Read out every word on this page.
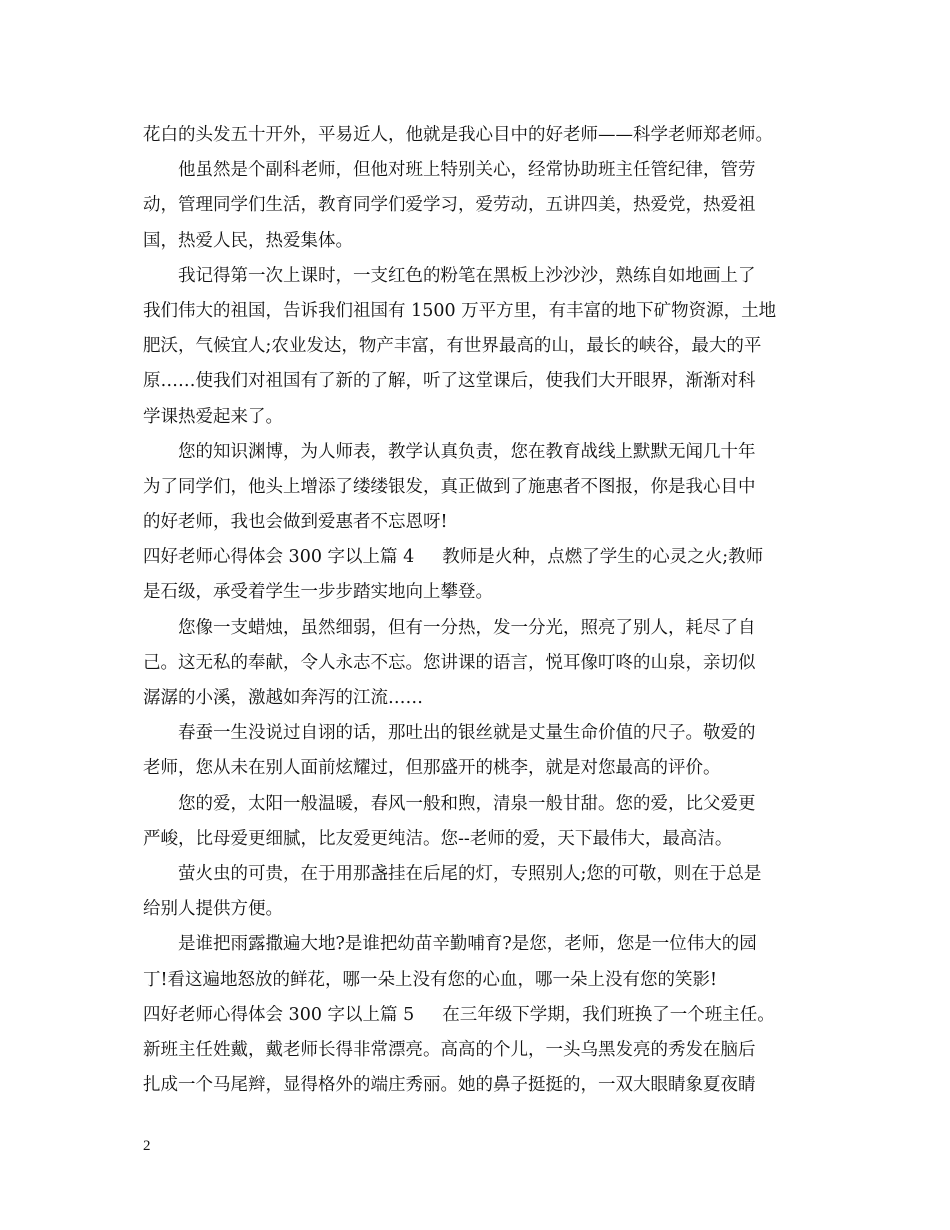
花白的头发五十开外，平易近人，他就是我心目中的好老师——科学老师郑老师。
他虽然是个副科老师，但他对班上特别关心，经常协助班主任管纪律，管劳
动，管理同学们生活，教育同学们爱学习，爱劳动，五讲四美，热爱党，热爱祖
国，热爱人民，热爱集体。
我记得第一次上课时，一支红色的粉笔在黑板上沙沙沙，熟练自如地画上了
我们伟大的祖国，告诉我们祖国有 1500 万平方里，有丰富的地下矿物资源，土地
肥沃，气候宜人;农业发达，物产丰富，有世界最高的山，最长的峡谷，最大的平
原……使我们对祖国有了新的了解，听了这堂课后，使我们大开眼界，渐渐对科
学课热爱起来了。
您的知识渊博，为人师表，教学认真负责，您在教育战线上默默无闻几十年
为了同学们，他头上增添了缕缕银发，真正做到了施惠者不图报，你是我心目中
的好老师，我也会做到爱惠者不忘恩呀!
四好老师心得体会 300 字以上篇 4 教师是火种，点燃了学生的心灵之火;教师
是石级，承受着学生一步步踏实地向上攀登。
您像一支蜡烛，虽然细弱，但有一分热，发一分光，照亮了别人，耗尽了自
己。这无私的奉献，令人永志不忘。您讲课的语言，悦耳像叮咚的山泉，亲切似
潺潺的小溪，激越如奔泻的江流……
春蚕一生没说过自诩的话，那吐出的银丝就是丈量生命价值的尺子。敬爱的
老师，您从未在别人面前炫耀过，但那盛开的桃李，就是对您最高的评价。
您的爱，太阳一般温暖，春风一般和煦，清泉一般甘甜。您的爱，比父爱更
严峻，比母爱更细腻，比友爱更纯洁。您--老师的爱，天下最伟大，最高洁。
萤火虫的可贵，在于用那盏挂在后尾的灯，专照别人;您的可敬，则在于总是
给别人提供方便。
是谁把雨露撒遍大地?是谁把幼苗辛勤哺育?是您，老师，您是一位伟大的园
丁!看这遍地怒放的鲜花，哪一朵上没有您的心血，哪一朵上没有您的笑影!
四好老师心得体会 300 字以上篇 5 在三年级下学期，我们班换了一个班主任。
新班主任姓戴，戴老师长得非常漂亮。高高的个儿，一头乌黑发亮的秀发在脑后
扎成一个马尾辫，显得格外的端庄秀丽。她的鼻子挺挺的，一双大眼睛象夏夜睛
2
